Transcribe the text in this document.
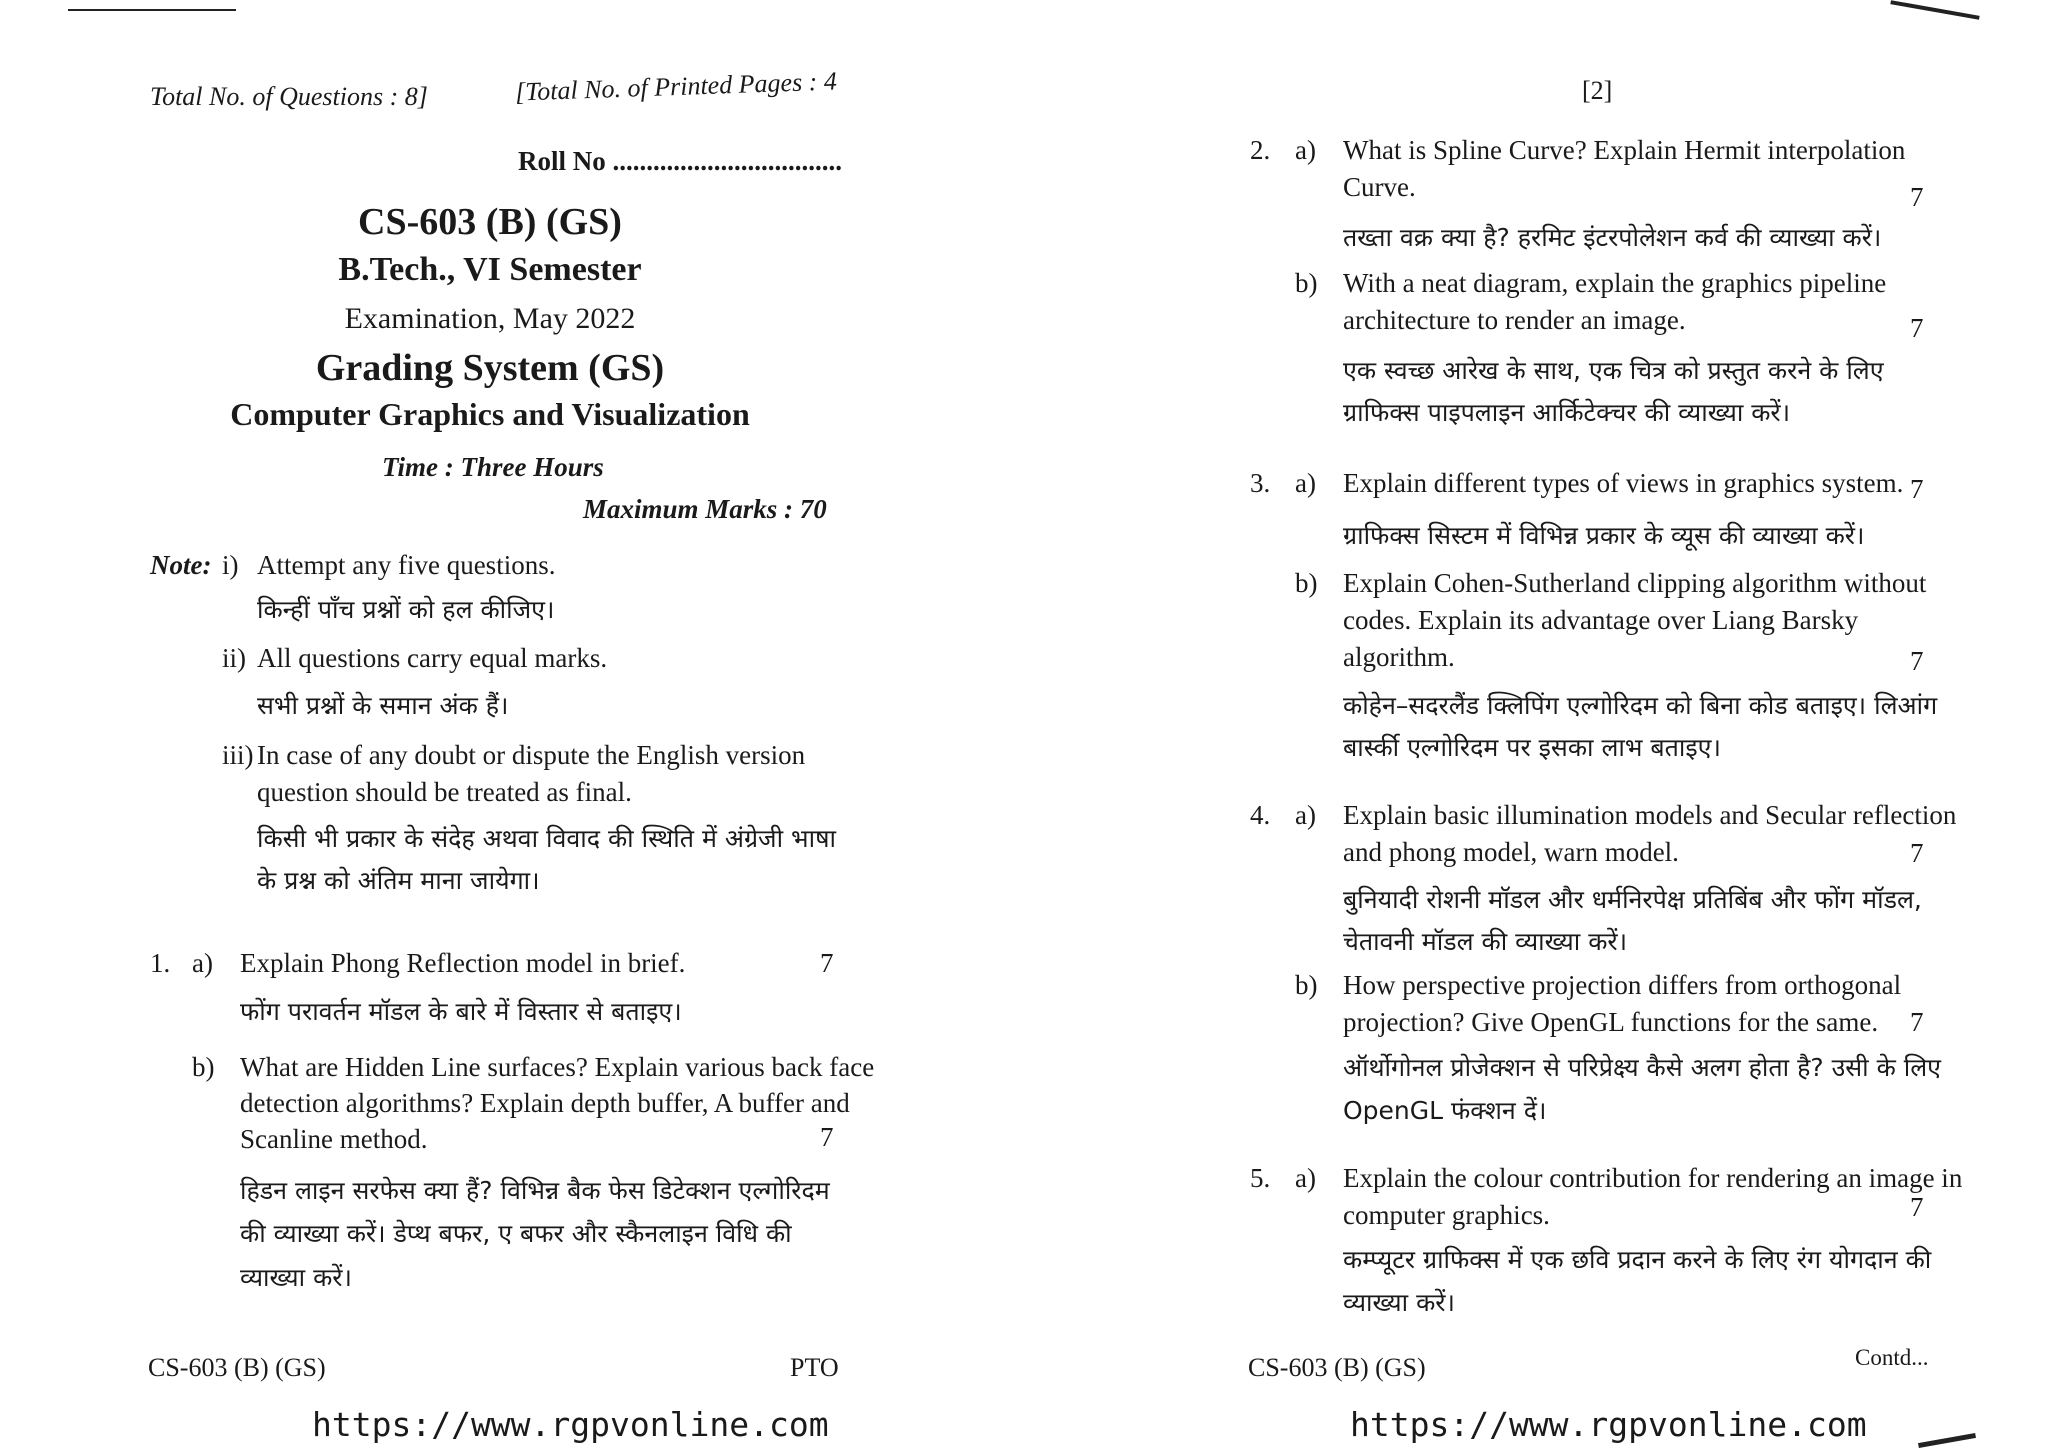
Total No. of Questions : 8]	[Total No. of Printed Pages : 4
Roll No ..................................
CS-603 (B) (GS)
B.Tech., VI Semester
Examination, May 2022
Grading System (GS)
Computer Graphics and Visualization
Time : Three Hours
Maximum Marks : 70
Note: i) Attempt any five questions.
किन्हीं पाँच प्रश्नों को हल कीजिए।
ii) All questions carry equal marks.
सभी प्रश्नों के समान अंक हैं।
iii) In case of any doubt or dispute the English version
question should be treated as final.
किसी भी प्रकार के संदेह अथवा विवाद की स्थिति में अंग्रेजी भाषा
के प्रश्न को अंतिम माना जायेगा।
1. a) Explain Phong Reflection model in brief.	7
फोंग परावर्तन मॉडल के बारे में विस्तार से बताइए।
b) What are Hidden Line surfaces? Explain various back face
detection algorithms? Explain depth buffer, A buffer and
Scanline method.	7
हिडन लाइन सरफेस क्या हैं? विभिन्न बैक फेस डिटेक्शन एल्गोरिदम
की व्याख्या करें। डेप्थ बफर, ए बफर और स्कैनलाइन विधि की
व्याख्या करें।
CS-603 (B) (GS)	PTO
https://www.rgpvonline.com
[2]
2. a) What is Spline Curve? Explain Hermit interpolation
Curve.	7
तख्ता वक्र क्या है? हरमिट इंटरपोलेशन कर्व की व्याख्या करें।
b) With a neat diagram, explain the graphics pipeline
architecture to render an image.	7
एक स्वच्छ आरेख के साथ, एक चित्र को प्रस्तुत करने के लिए
ग्राफिक्स पाइपलाइन आर्किटेक्चर की व्याख्या करें।
3. a) Explain different types of views in graphics system. 7
ग्राफिक्स सिस्टम में विभिन्न प्रकार के व्यूस की व्याख्या करें।
b) Explain Cohen-Sutherland clipping algorithm without
codes. Explain its advantage over Liang Barsky
algorithm.	7
कोहेन–सदरलैंड क्लिपिंग एल्गोरिदम को बिना कोड बताइए। लिआंग
बार्स्की एल्गोरिदम पर इसका लाभ बताइए।
4. a) Explain basic illumination models and Secular reflection
and phong model, warn model.	7
बुनियादी रोशनी मॉडल और धर्मनिरपेक्ष प्रतिबिंब और फोंग मॉडल,
चेतावनी मॉडल की व्याख्या करें।
b) How perspective projection differs from orthogonal
projection? Give OpenGL functions for the same. 7
ऑर्थोगोनल प्रोजेक्शन से परिप्रेक्ष्य कैसे अलग होता है? उसी के लिए
OpenGL फंक्शन दें।
5. a) Explain the colour contribution for rendering an image in
computer graphics.	7
कम्प्यूटर ग्राफिक्स में एक छवि प्रदान करने के लिए रंग योगदान की
व्याख्या करें।
CS-603 (B) (GS)	Contd...
https://www.rgpvonline.com
